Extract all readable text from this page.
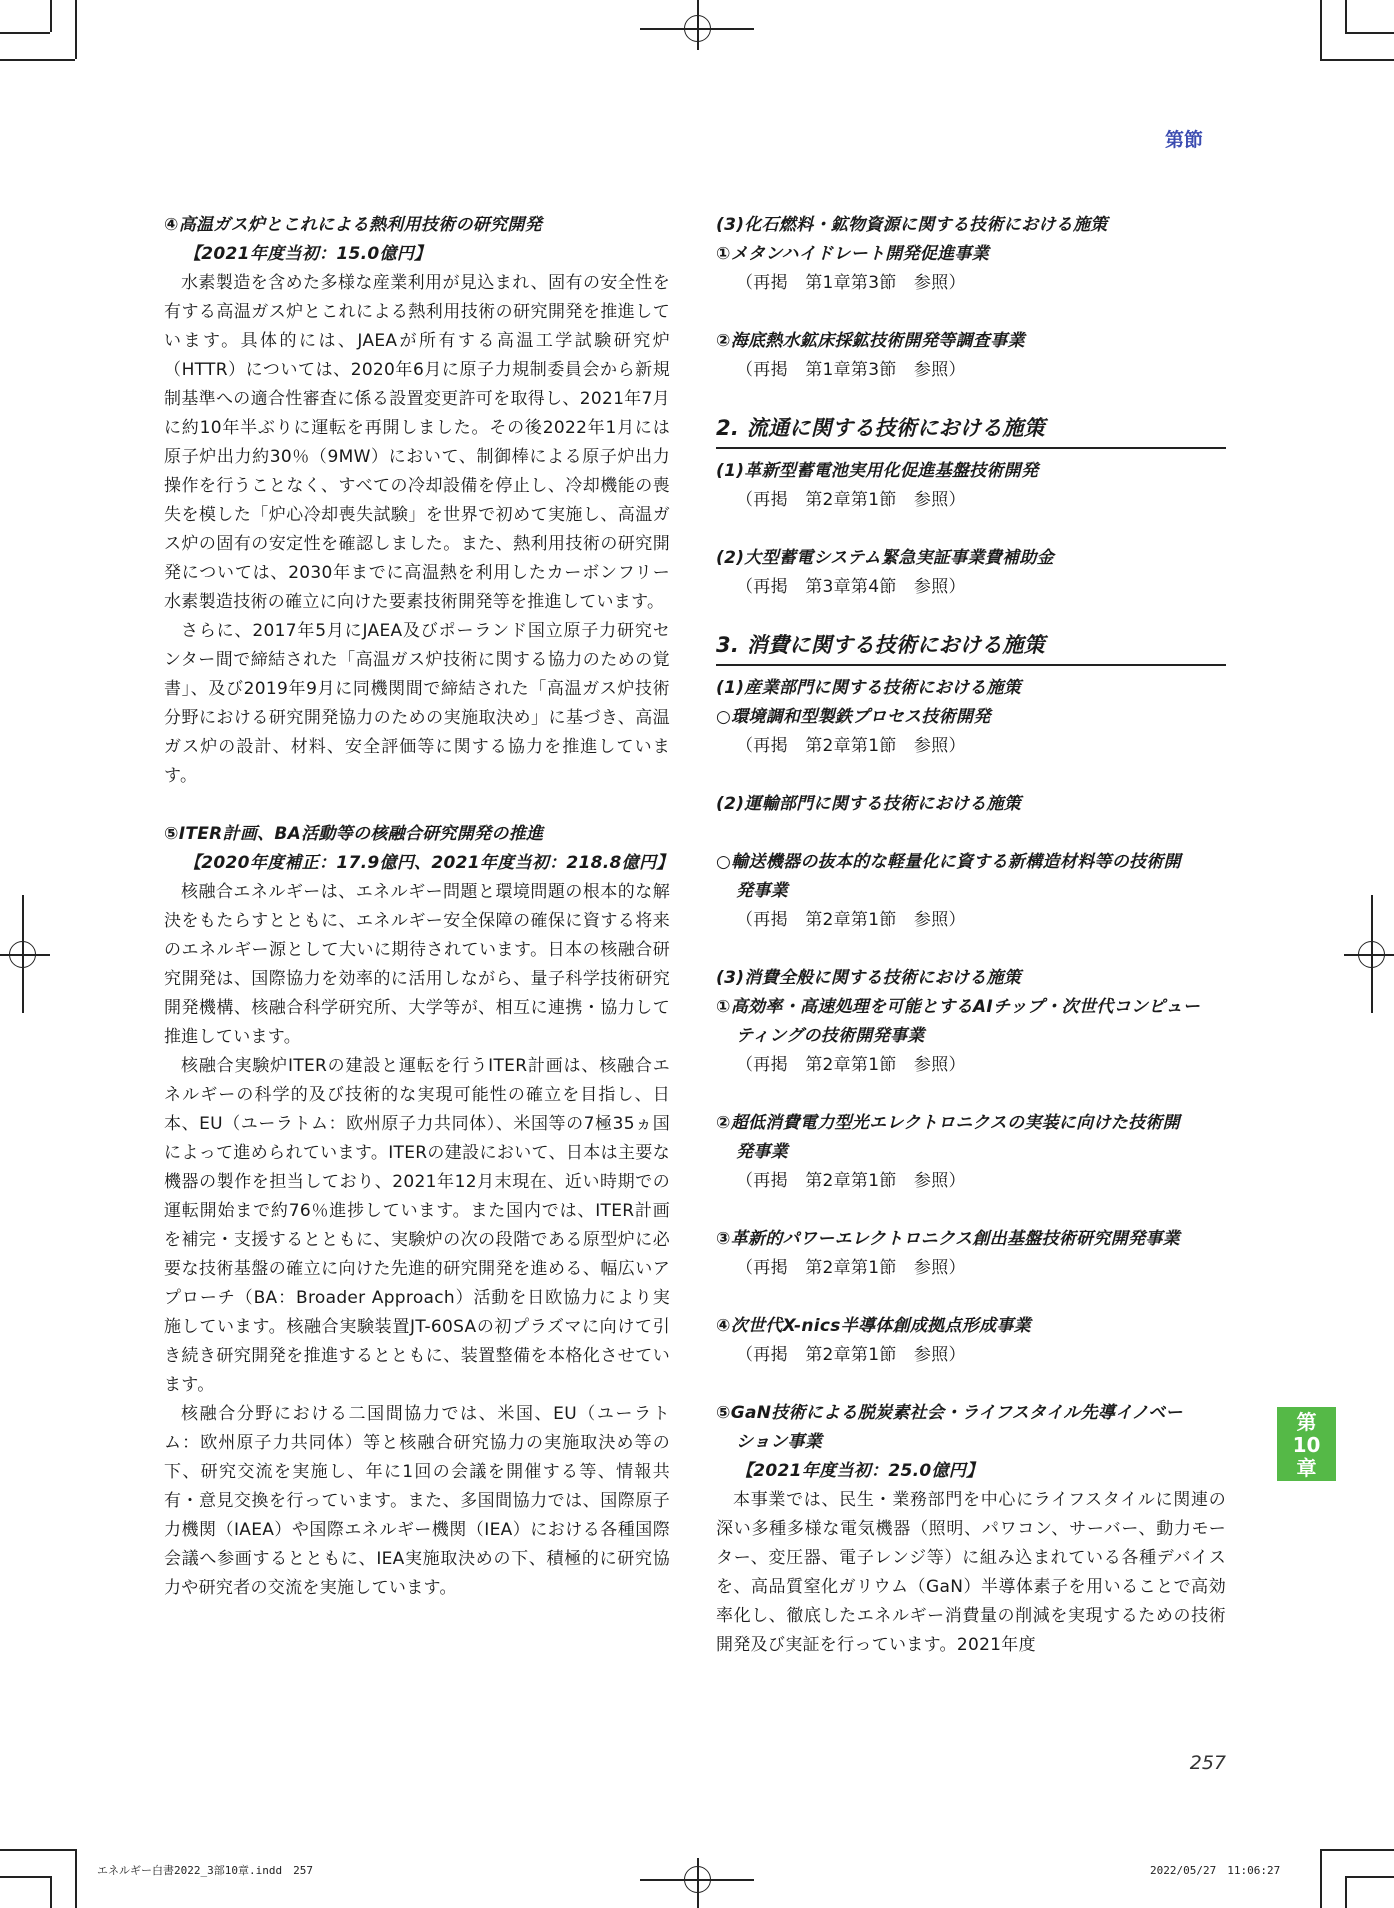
第節
④高温ガス炉とこれによる熱利用技術の研究開発
【2021年度当初：15.0億円】
水素製造を含めた多様な産業利用が見込まれ、固有の安全性を有する高温ガス炉とこれによる熱利用技術の研究開発を推進しています。具体的には、JAEAが所有する高温工学試験研究炉（HTTR）については、2020年6月に原子力規制委員会から新規制基準への適合性審査に係る設置変更許可を取得し、2021年7月に約10年半ぶりに運転を再開しました。その後2022年1月には原子炉出力約30％（9MW）において、制御棒による原子炉出力操作を行うことなく、すべての冷却設備を停止し、冷却機能の喪失を模した「炉心冷却喪失試験」を世界で初めて実施し、高温ガス炉の固有の安定性を確認しました。また、熱利用技術の研究開発については、2030年までに高温熱を利用したカーボンフリー水素製造技術の確立に向けた要素技術開発等を推進しています。
さらに、2017年5月にJAEA及びポーランド国立原子力研究センター間で締結された「高温ガス炉技術に関する協力のための覚書」、及び2019年9月に同機関間で締結された「高温ガス炉技術分野における研究開発協力のための実施取決め」に基づき、高温ガス炉の設計、材料、安全評価等に関する協力を推進しています。
⑤ITER計画、BA活動等の核融合研究開発の推進
【2020年度補正：17.9億円、2021年度当初：218.8億円】
核融合エネルギーは、エネルギー問題と環境問題の根本的な解決をもたらすとともに、エネルギー安全保障の確保に資する将来のエネルギー源として大いに期待されています。日本の核融合研究開発は、国際協力を効率的に活用しながら、量子科学技術研究開発機構、核融合科学研究所、大学等が、相互に連携・協力して推進しています。
核融合実験炉ITERの建設と運転を行うITER計画は、核融合エネルギーの科学的及び技術的な実現可能性の確立を目指し、日本、EU（ユーラトム：欧州原子力共同体）、米国等の7極35ヵ国によって進められています。ITERの建設において、日本は主要な機器の製作を担当しており、2021年12月末現在、近い時期での運転開始まで約76％進捗しています。また国内では、ITER計画を補完・支援するとともに、実験炉の次の段階である原型炉に必要な技術基盤の確立に向けた先進的研究開発を進める、幅広いアプローチ（BA：Broader Approach）活動を日欧協力により実施しています。核融合実験装置JT-60SAの初プラズマに向けて引き続き研究開発を推進するとともに、装置整備を本格化させています。
核融合分野における二国間協力では、米国、EU（ユーラトム：欧州原子力共同体）等と核融合研究協力の実施取決め等の下、研究交流を実施し、年に1回の会議を開催する等、情報共有・意見交換を行っています。また、多国間協力では、国際原子力機関（IAEA）や国際エネルギー機関（IEA）における各種国際会議へ参画するとともに、IEA実施取決めの下、積極的に研究協力や研究者の交流を実施しています。
(3)化石燃料・鉱物資源に関する技術における施策
①メタンハイドレート開発促進事業
（再掲　第1章第3節　参照）
②海底熱水鉱床採鉱技術開発等調査事業
（再掲　第1章第3節　参照）
2. 流通に関する技術における施策
(1)革新型蓄電池実用化促進基盤技術開発
（再掲　第2章第1節　参照）
(2)大型蓄電システム緊急実証事業費補助金
（再掲　第3章第4節　参照）
3. 消費に関する技術における施策
(1)産業部門に関する技術における施策
○環境調和型製鉄プロセス技術開発
（再掲　第2章第1節　参照）
(2)運輸部門に関する技術における施策
○輸送機器の抜本的な軽量化に資する新構造材料等の技術開
発事業
（再掲　第2章第1節　参照）
(3)消費全般に関する技術における施策
①高効率・高速処理を可能とするAIチップ・次世代コンピュー
ティングの技術開発事業
（再掲　第2章第1節　参照）
②超低消費電力型光エレクトロニクスの実装に向けた技術開
発事業
（再掲　第2章第1節　参照）
③革新的パワーエレクトロニクス創出基盤技術研究開発事業
（再掲　第2章第1節　参照）
④次世代X-nics半導体創成拠点形成事業
（再掲　第2章第1節　参照）
⑤GaN技術による脱炭素社会・ライフスタイル先導イノベー
ション事業
【2021年度当初：25.0億円】
本事業では、民生・業務部門を中心にライフスタイルに関連の深い多種多様な電気機器（照明、パワコン、サーバー、動力モーター、変圧器、電子レンジ等）に組み込まれている各種デバイスを、高品質窒化ガリウム（GaN）半導体素子を用いることで高効率化し、徹底したエネルギー消費量の削減を実現するための技術開発及び実証を行っています。2021年度
第
10
章
257
エネルギー白書2022_3部10章.indd　257	2022/05/27　11:06:27
